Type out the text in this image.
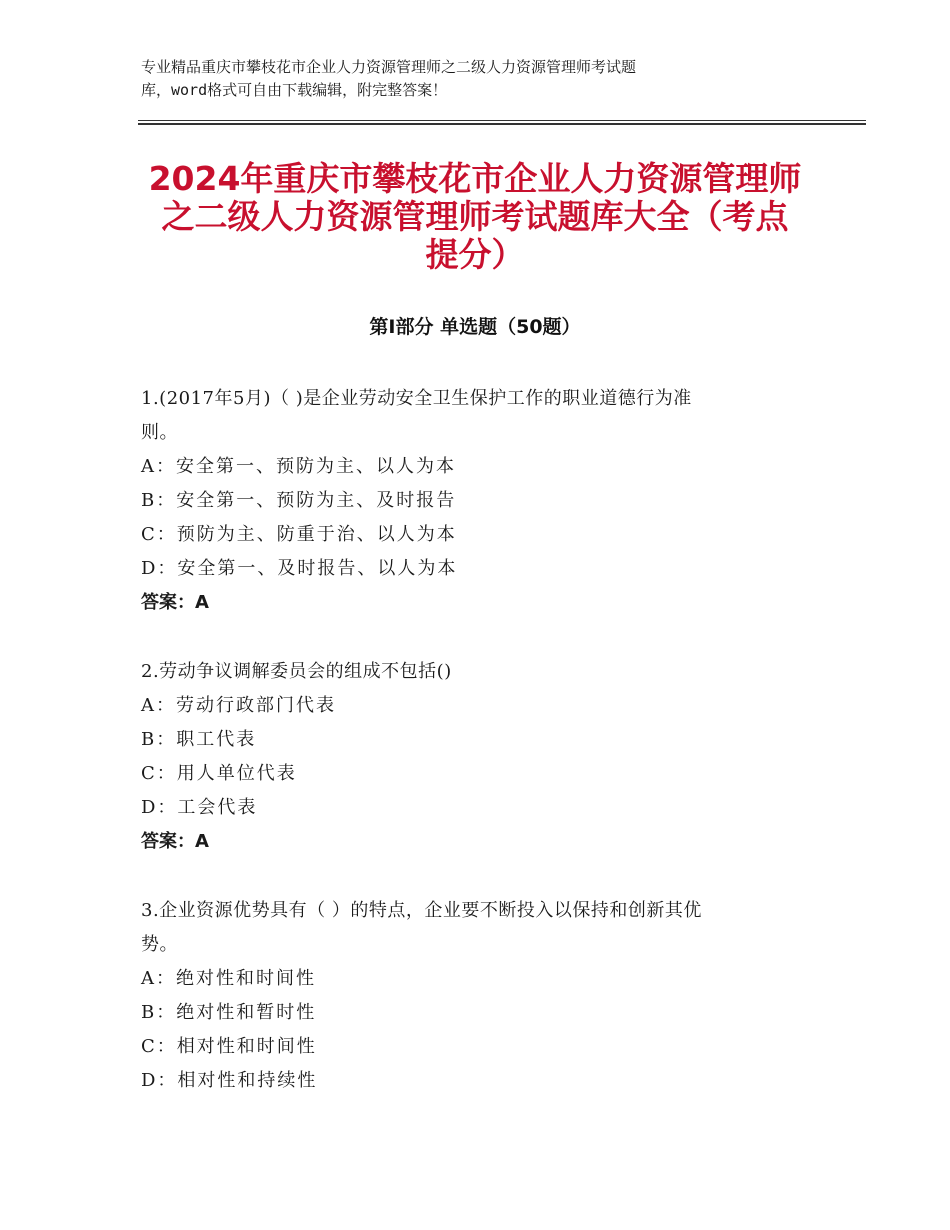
专业精品重庆市攀枝花市企业人力资源管理师之二级人力资源管理师考试题
库，word格式可自由下载编辑，附完整答案！
2024年重庆市攀枝花市企业人力资源管理师
之二级人力资源管理师考试题库大全（考点
提分）
第Ⅰ部分 单选题（50题）
1.(2017年5月)（ )是企业劳动安全卫生保护工作的职业道德行为准
则。
A：安全第一、预防为主、以人为本
B：安全第一、预防为主、及时报告
C：预防为主、防重于治、以人为本
D：安全第一、及时报告、以人为本
答案：A
2.劳动争议调解委员会的组成不包括()
A：劳动行政部门代表
B：职工代表
C：用人单位代表
D：工会代表
答案：A
3.企业资源优势具有（ ）的特点，企业要不断投入以保持和创新其优
势。
A：绝对性和时间性
B：绝对性和暂时性
C：相对性和时间性
D：相对性和持续性
